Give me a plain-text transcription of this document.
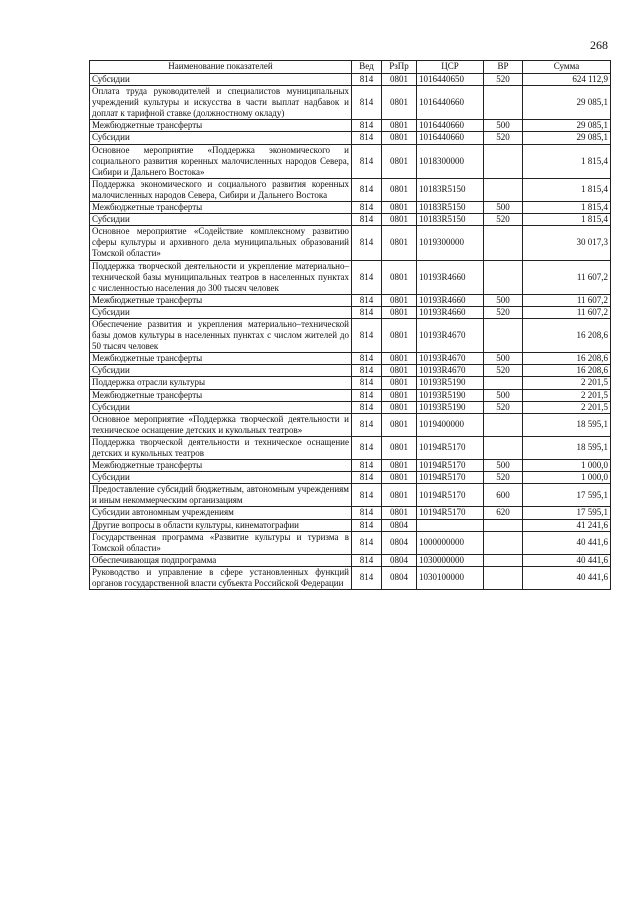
268
Наименование показателей	Вед	РзПр	ЦСР	ВР	Сумма
Субсидии	814	0801	1016440650	520	624 112,9
Оплата труда руководителей и специалистов муниципальных учреждений культуры и искусства в части выплат надбавок и доплат к тарифной ставке (должностному окладу)	814	0801	1016440660		29 085,1
Межбюджетные трансферты	814	0801	1016440660	500	29 085,1
Субсидии	814	0801	1016440660	520	29 085,1
Основное мероприятие «Поддержка экономического и социального развития коренных малочисленных народов Севера, Сибири и Дальнего Востока»	814	0801	1018300000		1 815,4
Поддержка экономического и социального развития коренных малочисленных народов Севера, Сибири и Дальнего Востока	814	0801	10183R5150		1 815,4
Межбюджетные трансферты	814	0801	10183R5150	500	1 815,4
Субсидии	814	0801	10183R5150	520	1 815,4
Основное мероприятие «Содействие комплексному развитию сферы культуры и архивного дела муниципальных образований Томской области»	814	0801	1019300000		30 017,3
Поддержка творческой деятельности и укрепление материально–технической базы муниципальных театров в населенных пунктах с численностью населения до 300 тысяч человек	814	0801	10193R4660		11 607,2
Межбюджетные трансферты	814	0801	10193R4660	500	11 607,2
Субсидии	814	0801	10193R4660	520	11 607,2
Обеспечение развития и укрепления материально–технической базы домов культуры в населенных пунктах с числом жителей до 50 тысяч человек	814	0801	10193R4670		16 208,6
Межбюджетные трансферты	814	0801	10193R4670	500	16 208,6
Субсидии	814	0801	10193R4670	520	16 208,6
Поддержка отрасли культуры	814	0801	10193R5190		2 201,5
Межбюджетные трансферты	814	0801	10193R5190	500	2 201,5
Субсидии	814	0801	10193R5190	520	2 201,5
Основное мероприятие «Поддержка творческой деятельности и техническое оснащение детских и кукольных театров»	814	0801	1019400000		18 595,1
Поддержка творческой деятельности и техническое оснащение детских и кукольных театров	814	0801	10194R5170		18 595,1
Межбюджетные трансферты	814	0801	10194R5170	500	1 000,0
Субсидии	814	0801	10194R5170	520	1 000,0
Предоставление субсидий бюджетным, автономным учреждениям и иным некоммерческим организациям	814	0801	10194R5170	600	17 595,1
Субсидии автономным учреждениям	814	0801	10194R5170	620	17 595,1
Другие вопросы в области культуры, кинематографии	814	0804			41 241,6
Государственная программа «Развитие культуры и туризма в Томской области»	814	0804	1000000000		40 441,6
Обеспечивающая подпрограмма	814	0804	1030000000		40 441,6
Руководство и управление в сфере установленных функций органов государственной власти субъекта Российской Федерации	814	0804	1030100000		40 441,6
